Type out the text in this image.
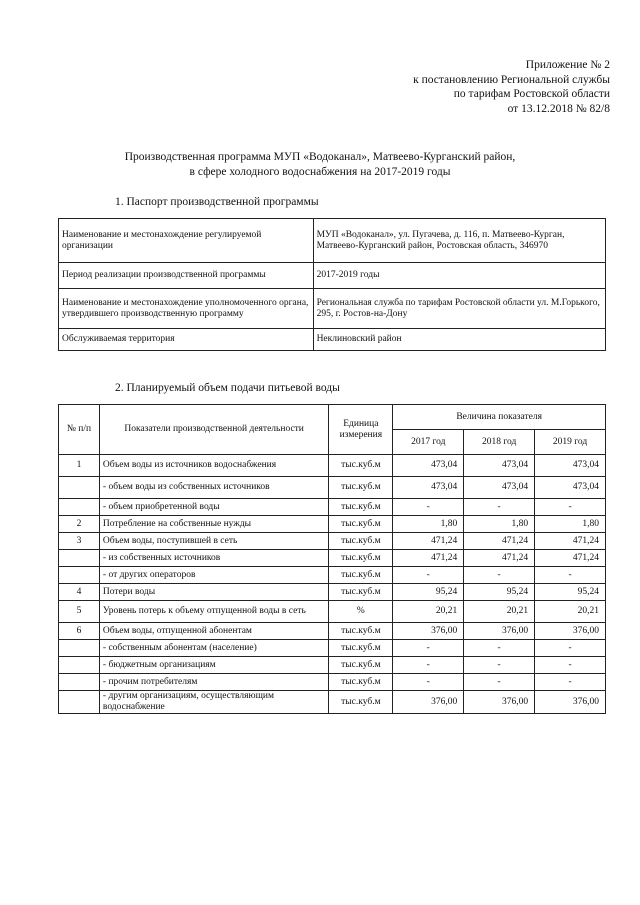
Приложение № 2
к постановлению Региональной службы
по тарифам Ростовской области
от 13.12.2018 № 82/8
Производственная программа МУП «Водоканал», Матвеево-Курганский район,
в сфере холодного водоснабжения на 2017-2019 годы
1. Паспорт производственной программы
Наименование и местонахождение регулируемой организации	МУП «Водоканал», ул. Пугачева, д. 116, п. Матвеево-Курган, Матвеево-Курганский район, Ростовская область, 346970
Период реализации производственной программы	2017-2019 годы
Наименование и местонахождение уполномоченного органа, утвердившего производственную программу	Региональная служба по тарифам Ростовской области ул. М.Горького, 295, г. Ростов-на-Дону
Обслуживаемая территория	Неклиновский район
2. Планируемый объем подачи питьевой воды
№ п/п	Показатели производственной деятельности	Единица измерения	Величина показателя		
			2017 год	2018 год	2019 год
1	Объем воды из источников водоснабжения	тыс.куб.м	473,04	473,04	473,04
	- объем воды из собственных источников	тыс.куб.м	473,04	473,04	473,04
	- объем приобретенной воды	тыс.куб.м	-	-	-
2	Потребление на собственные нужды	тыс.куб.м	1,80	1,80	1,80
3	Объем воды, поступившей в сеть	тыс.куб.м	471,24	471,24	471,24
	- из собственных источников	тыс.куб.м	471,24	471,24	471,24
	- от других операторов	тыс.куб.м	-	-	-
4	Потери воды	тыс.куб.м	95,24	95,24	95,24
5	Уровень потерь к объему отпущенной воды в сеть	%	20,21	20,21	20,21
6	Объем воды, отпущенной абонентам	тыс.куб.м	376,00	376,00	376,00
	- собственным абонентам (население)	тыс.куб.м	-	-	-
	- бюджетным организациям	тыс.куб.м	-	-	-
	- прочим потребителям	тыс.куб.м	-	-	-
	- другим организациям, осуществляющим водоснабжение	тыс.куб.м	376,00	376,00	376,00
